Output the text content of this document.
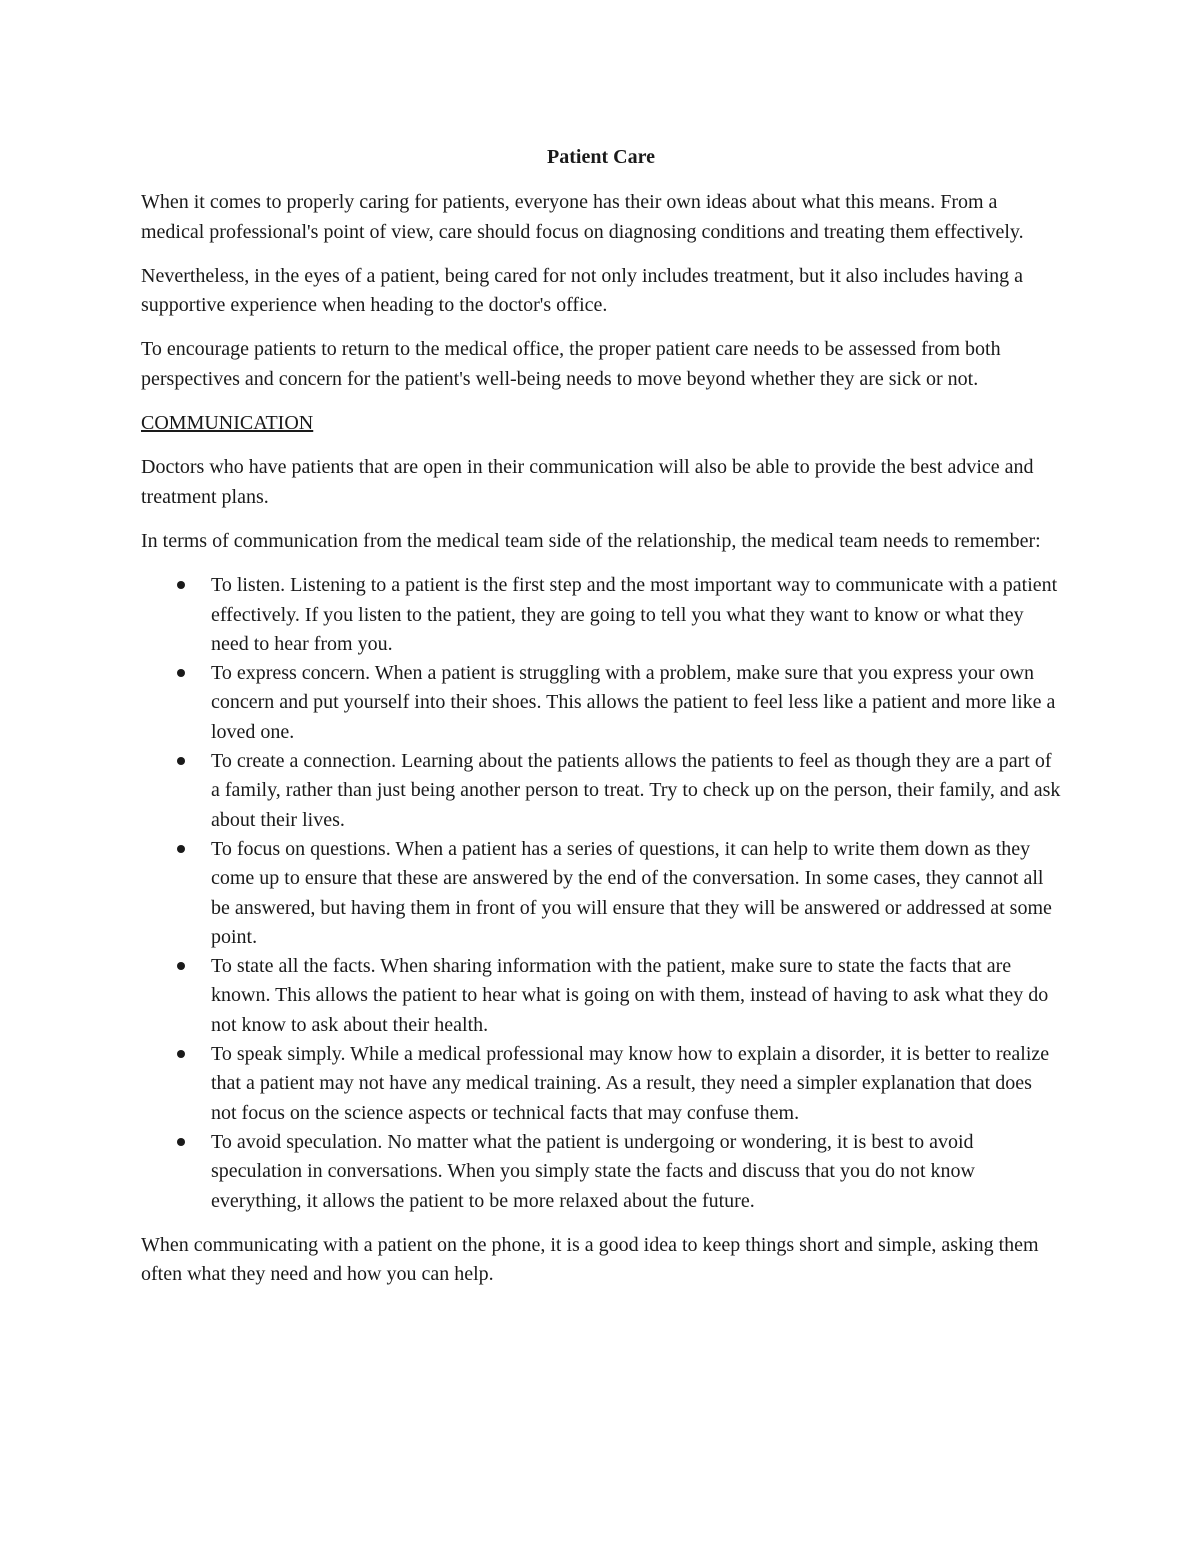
Patient Care

When it comes to properly caring for patients, everyone has their own ideas about what this means. From a medical professional's point of view, care should focus on diagnosing conditions and treating them effectively.

Nevertheless, in the eyes of a patient, being cared for not only includes treatment, but it also includes having a supportive experience when heading to the doctor's office.

To encourage patients to return to the medical office, the proper patient care needs to be assessed from both perspectives and concern for the patient's well-being needs to move beyond whether they are sick or not.

COMMUNICATION

Doctors who have patients that are open in their communication will also be able to provide the best advice and treatment plans.

In terms of communication from the medical team side of the relationship, the medical team needs to remember:

To listen. Listening to a patient is the first step and the most important way to communicate with a patient effectively. If you listen to the patient, they are going to tell you what they want to know or what they need to hear from you.
To express concern. When a patient is struggling with a problem, make sure that you express your own concern and put yourself into their shoes. This allows the patient to feel less like a patient and more like a loved one.
To create a connection. Learning about the patients allows the patients to feel as though they are a part of a family, rather than just being another person to treat. Try to check up on the person, their family, and ask about their lives.
To focus on questions. When a patient has a series of questions, it can help to write them down as they come up to ensure that these are answered by the end of the conversation. In some cases, they cannot all be answered, but having them in front of you will ensure that they will be answered or addressed at some point.
To state all the facts. When sharing information with the patient, make sure to state the facts that are known. This allows the patient to hear what is going on with them, instead of having to ask what they do not know to ask about their health.
To speak simply. While a medical professional may know how to explain a disorder, it is better to realize that a patient may not have any medical training. As a result, they need a simpler explanation that does not focus on the science aspects or technical facts that may confuse them.
To avoid speculation. No matter what the patient is undergoing or wondering, it is best to avoid speculation in conversations. When you simply state the facts and discuss that you do not know everything, it allows the patient to be more relaxed about the future.

When communicating with a patient on the phone, it is a good idea to keep things short and simple, asking them often what they need and how you can help.
